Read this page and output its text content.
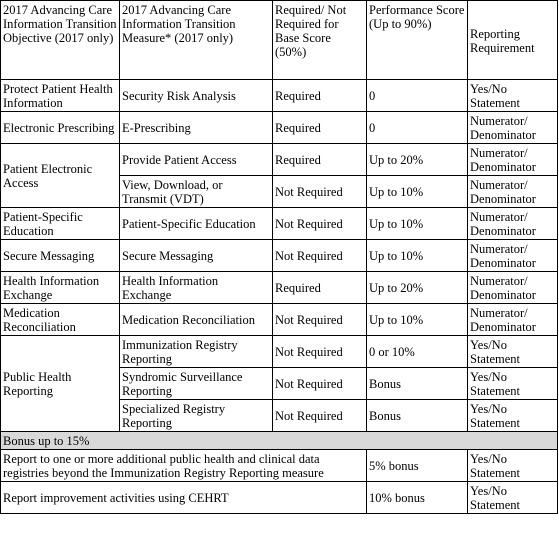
2017 Advancing Care Information Transition Objective (2017 only)	2017 Advancing Care Information Transition Measure* (2017 only)	Required/ Not Required for Base Score (50%)	Performance Score (Up to 90%)	Reporting Requirement
Protect Patient Health Information	Security Risk Analysis	Required	0	Yes/No Statement
Electronic Prescribing	E-Prescribing	Required	0	Numerator/ Denominator
Patient Electronic Access	Provide Patient Access	Required	Up to 20%	Numerator/ Denominator
	View, Download, or Transmit (VDT)	Not Required	Up to 10%	Numerator/ Denominator
Patient-Specific Education	Patient-Specific Education	Not Required	Up to 10%	Numerator/ Denominator
Secure Messaging	Secure Messaging	Not Required	Up to 10%	Numerator/ Denominator
Health Information Exchange	Health Information Exchange	Required	Up to 20%	Numerator/ Denominator
Medication Reconciliation	Medication Reconciliation	Not Required	Up to 10%	Numerator/ Denominator
Public Health Reporting	Immunization Registry Reporting	Not Required	0 or 10%	Yes/No Statement
	Syndromic Surveillance Reporting	Not Required	Bonus	Yes/No Statement
	Specialized Registry Reporting	Not Required	Bonus	Yes/No Statement
Bonus up to 15%				
Report to one or more additional public health and clinical data registries beyond the Immunization Registry Reporting measure			5% bonus	Yes/No Statement
Report improvement activities using CEHRT			10% bonus	Yes/No Statement
